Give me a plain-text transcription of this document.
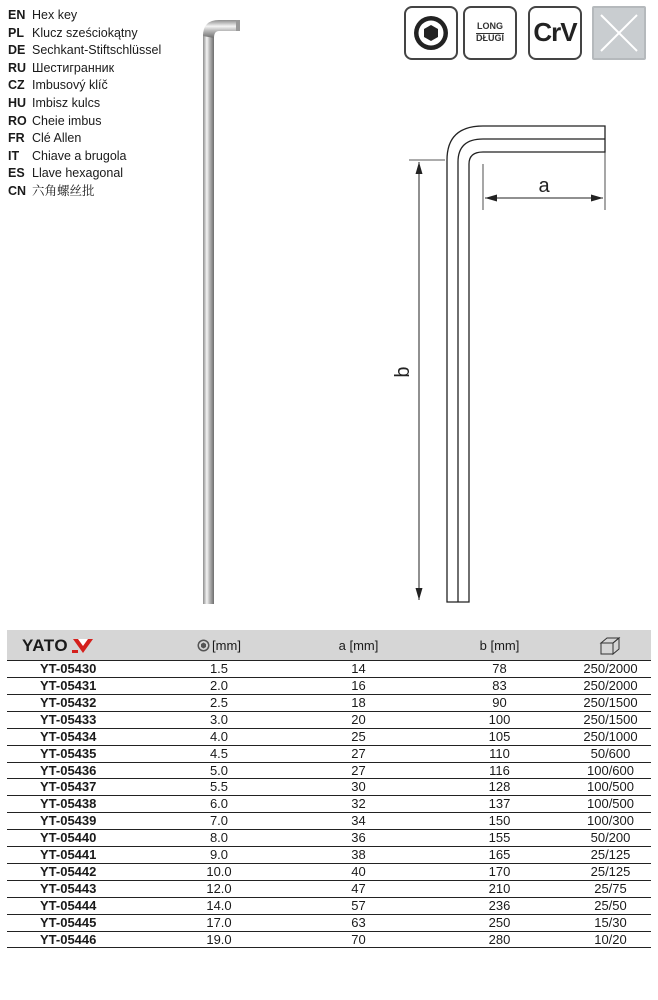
EN Hex key
PL Klucz sześciokątny
DE Sechkant-Stiftschlüssel
RU Шестигранник
CZ Imbusový klíč
HU Imbisz kulcs
RO Cheie imbus
FR Clé Allen
IT Chiave a brugola
ES Llave hexagonal
CN 六角螺丝批
LONG
DŁUGI	CrV
a
b
YATO	[mm]	a [mm]	b [mm]	
YT-05430	1.5	14	78	250/2000
YT-05431	2.0	16	83	250/2000
YT-05432	2.5	18	90	250/1500
YT-05433	3.0	20	100	250/1500
YT-05434	4.0	25	105	250/1000
YT-05435	4.5	27	110	50/600
YT-05436	5.0	27	116	100/600
YT-05437	5.5	30	128	100/500
YT-05438	6.0	32	137	100/500
YT-05439	7.0	34	150	100/300
YT-05440	8.0	36	155	50/200
YT-05441	9.0	38	165	25/125
YT-05442	10.0	40	170	25/125
YT-05443	12.0	47	210	25/75
YT-05444	14.0	57	236	25/50
YT-05445	17.0	63	250	15/30
YT-05446	19.0	70	280	10/20
